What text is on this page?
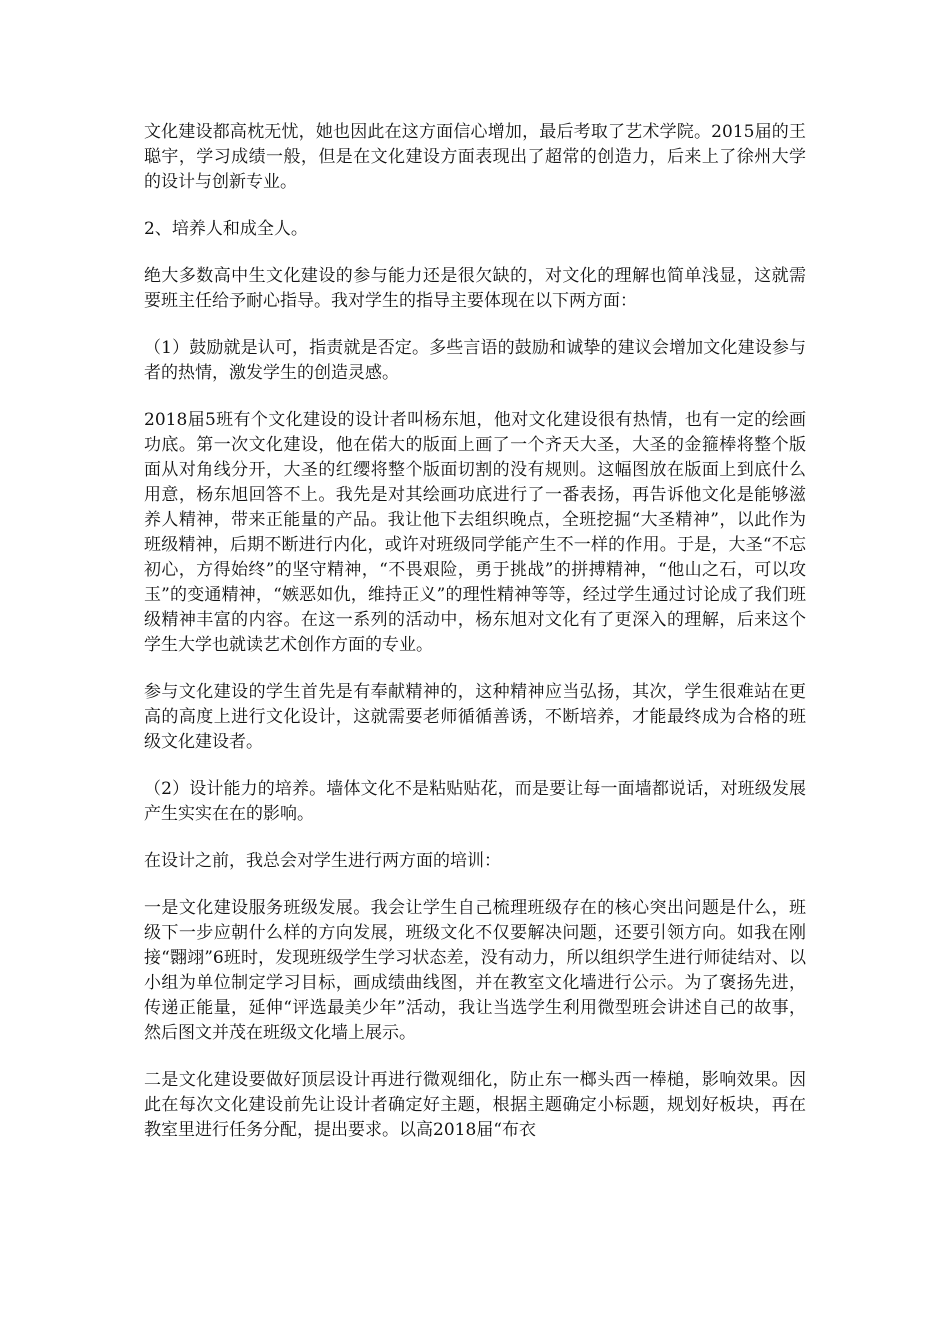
文化建设都高枕无忧，她也因此在这方面信心增加，最后考取了艺术学院。2015届的王聪宇，学习成绩一般，但是在文化建设方面表现出了超常的创造力，后来上了徐州大学的设计与创新专业。

2、培养人和成全人。

绝大多数高中生文化建设的参与能力还是很欠缺的，对文化的理解也简单浅显，这就需要班主任给予耐心指导。我对学生的指导主要体现在以下两方面：

（1）鼓励就是认可，指责就是否定。多些言语的鼓励和诚挚的建议会增加文化建设参与者的热情，激发学生的创造灵感。

2018届5班有个文化建设的设计者叫杨东旭，他对文化建设很有热情，也有一定的绘画功底。第一次文化建设，他在偌大的版面上画了一个齐天大圣，大圣的金箍棒将整个版面从对角线分开，大圣的红缨将整个版面切割的没有规则。这幅图放在版面上到底什么用意，杨东旭回答不上。我先是对其绘画功底进行了一番表扬，再告诉他文化是能够滋养人精神，带来正能量的产品。我让他下去组织晚点，全班挖掘“大圣精神”，以此作为班级精神，后期不断进行内化，或许对班级同学能产生不一样的作用。于是，大圣“不忘初心，方得始终”的坚守精神，“不畏艰险，勇于挑战”的拼搏精神，“他山之石，可以攻玉”的变通精神，“嫉恶如仇，维持正义”的理性精神等等，经过学生通过讨论成了我们班级精神丰富的内容。在这一系列的活动中，杨东旭对文化有了更深入的理解，后来这个学生大学也就读艺术创作方面的专业。

参与文化建设的学生首先是有奉献精神的，这种精神应当弘扬，其次，学生很难站在更高的高度上进行文化设计，这就需要老师循循善诱，不断培养，才能最终成为合格的班级文化建设者。

（2）设计能力的培养。墙体文化不是粘贴贴花，而是要让每一面墙都说话，对班级发展产生实实在在的影响。

在设计之前，我总会对学生进行两方面的培训：

一是文化建设服务班级发展。我会让学生自己梳理班级存在的核心突出问题是什么，班级下一步应朝什么样的方向发展，班级文化不仅要解决问题，还要引领方向。如我在刚接“翾翊”6班时，发现班级学生学习状态差，没有动力，所以组织学生进行师徒结对、以小组为单位制定学习目标，画成绩曲线图，并在教室文化墙进行公示。为了褒扬先进，传递正能量，延伸“评选最美少年”活动，我让当选学生利用微型班会讲述自己的故事，然后图文并茂在班级文化墙上展示。

二是文化建设要做好顶层设计再进行微观细化，防止东一榔头西一棒槌，影响效果。因此在每次文化建设前先让设计者确定好主题，根据主题确定小标题，规划好板块，再在教室里进行任务分配，提出要求。以高2018届“布衣
